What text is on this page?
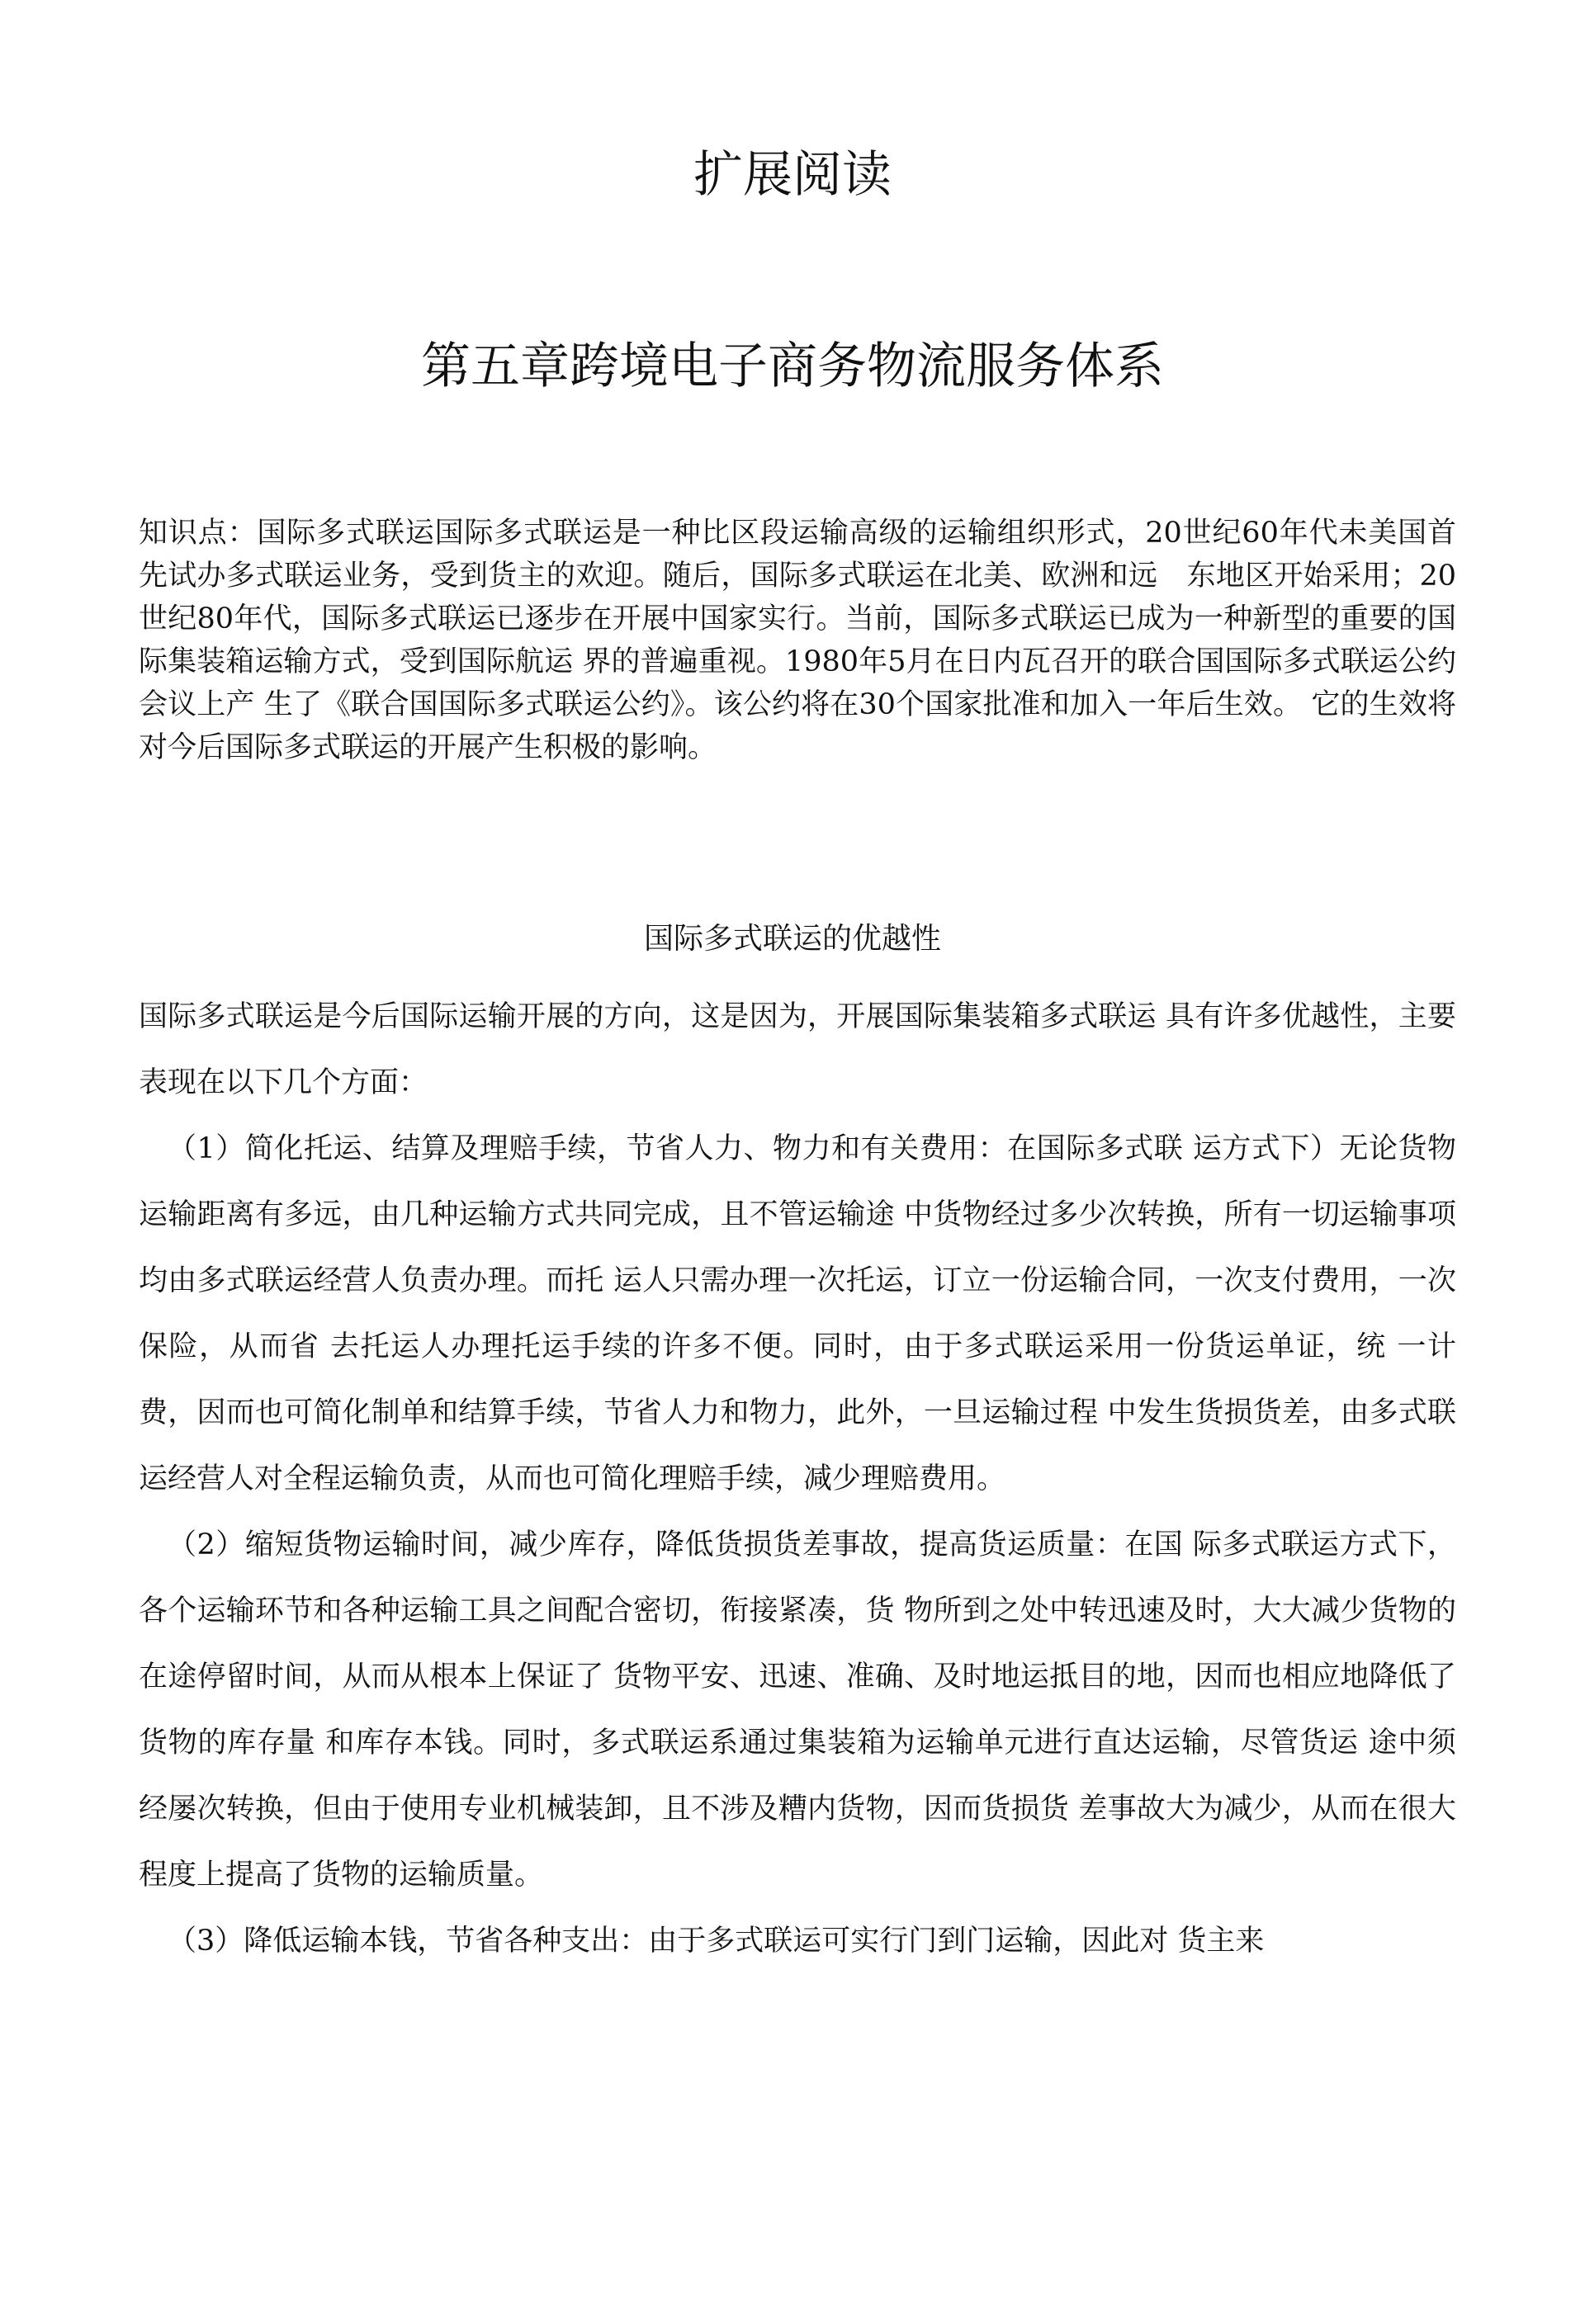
扩展阅读
第五章跨境电子商务物流服务体系

知识点：国际多式联运国际多式联运是一种比区段运输高级的运输组织形式，20世纪60年代未美国首 先试办多式联运业务，受到货主的欢迎。随后，国际多式联运在北美、欧洲和远　东地区开始采用；20世纪80年代，国际多式联运已逐步在开展中国家实行。当前，国际多式联运已成为一种新型的重要的国际集装箱运输方式，受到国际航运 界的普遍重视。1980年5月在日内瓦召开的联合国国际多式联运公约会议上产 生了《联合国国际多式联运公约》。该公约将在30个国家批准和加入一年后生效。 它的生效将对今后国际多式联运的开展产生积极的影响。

国际多式联运的优越性

国际多式联运是今后国际运输开展的方向，这是因为，开展国际集装箱多式联运 具有许多优越性，主要表现在以下几个方面：

（1）简化托运、结算及理赔手续，节省人力、物力和有关费用：在国际多式联 运方式下）无论货物运输距离有多远，由几种运输方式共同完成，且不管运输途 中货物经过多少次转换，所有一切运输事项均由多式联运经营人负责办理。而托 运人只需办理一次托运，订立一份运输合同，一次支付费用，一次保险，从而省 去托运人办理托运手续的许多不便。同时，由于多式联运采用一份货运单证，统 一计费，因而也可简化制单和结算手续，节省人力和物力，此外，一旦运输过程 中发生货损货差，由多式联运经营人对全程运输负责，从而也可简化理赔手续，减少理赔费用。

（2）缩短货物运输时间，减少库存，降低货损货差事故，提高货运质量：在国 际多式联运方式下，各个运输环节和各种运输工具之间配合密切，衔接紧凑，货 物所到之处中转迅速及时，大大减少货物的在途停留时间，从而从根本上保证了 货物平安、迅速、准确、及时地运抵目的地，因而也相应地降低了货物的库存量 和库存本钱。同时，多式联运系通过集装箱为运输单元进行直达运输，尽管货运 途中须经屡次转换，但由于使用专业机械装卸，且不涉及糟内货物，因而货损货 差事故大为减少，从而在很大程度上提高了货物的运输质量。

（3）降低运输本钱，节省各种支出：由于多式联运可实行门到门运输，因此对 货主来
